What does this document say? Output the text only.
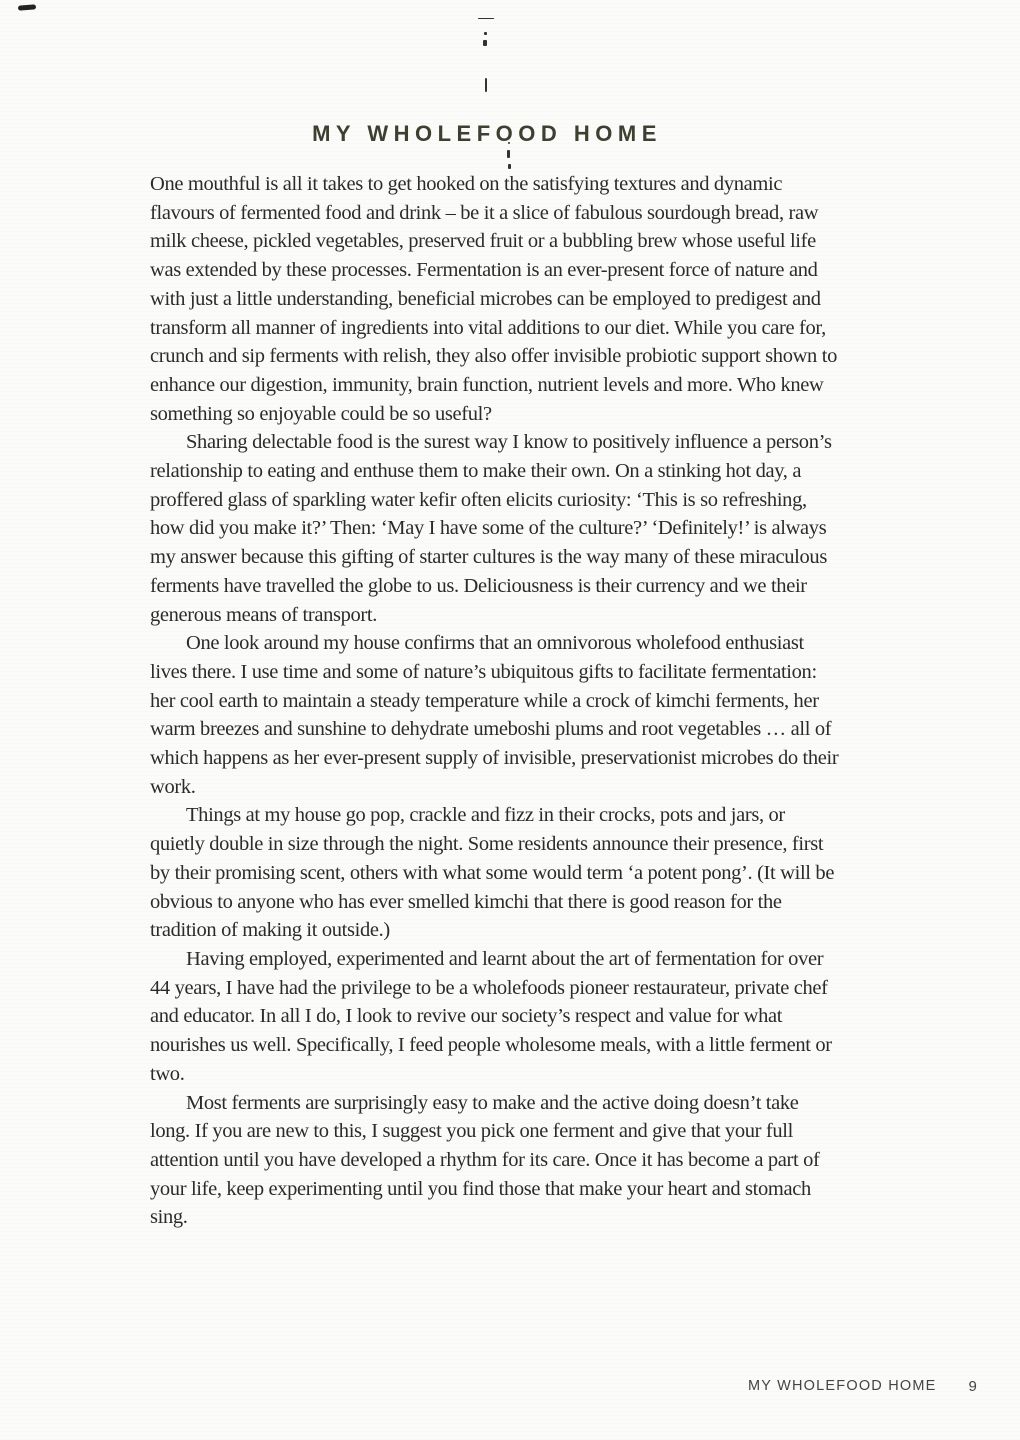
MY WHOLEFOOD HOME

One mouthful is all it takes to get hooked on the satisfying textures and dynamic flavours of fermented food and drink – be it a slice of fabulous sourdough bread, raw milk cheese, pickled vegetables, preserved fruit or a bubbling brew whose useful life was extended by these processes. Fermentation is an ever-present force of nature and with just a little understanding, beneficial microbes can be employed to predigest and transform all manner of ingredients into vital additions to our diet. While you care for, crunch and sip ferments with relish, they also offer invisible probiotic support shown to enhance our digestion, immunity, brain function, nutrient levels and more. Who knew something so enjoyable could be so useful?

Sharing delectable food is the surest way I know to positively influence a person’s relationship to eating and enthuse them to make their own. On a stinking hot day, a proffered glass of sparkling water kefir often elicits curiosity: ‘This is so refreshing, how did you make it?’ Then: ‘May I have some of the culture?’ ‘Definitely!’ is always my answer because this gifting of starter cultures is the way many of these miraculous ferments have travelled the globe to us. Deliciousness is their currency and we their generous means of transport.

One look around my house confirms that an omnivorous wholefood enthusiast lives there. I use time and some of nature’s ubiquitous gifts to facilitate fermentation: her cool earth to maintain a steady temperature while a crock of kimchi ferments, her warm breezes and sunshine to dehydrate umeboshi plums and root vegetables … all of which happens as her ever-present supply of invisible, preservationist microbes do their work.

Things at my house go pop, crackle and fizz in their crocks, pots and jars, or quietly double in size through the night. Some residents announce their presence, first by their promising scent, others with what some would term ‘a potent pong’. (It will be obvious to anyone who has ever smelled kimchi that there is good reason for the tradition of making it outside.)

Having employed, experimented and learnt about the art of fermentation for over 44 years, I have had the privilege to be a wholefoods pioneer restaurateur, private chef and educator. In all I do, I look to revive our society’s respect and value for what nourishes us well. Specifically, I feed people wholesome meals, with a little ferment or two.

Most ferments are surprisingly easy to make and the active doing doesn’t take long. If you are new to this, I suggest you pick one ferment and give that your full attention until you have developed a rhythm for its care. Once it has become a part of your life, keep experimenting until you find those that make your heart and stomach sing.

MY WHOLEFOOD HOME 9
